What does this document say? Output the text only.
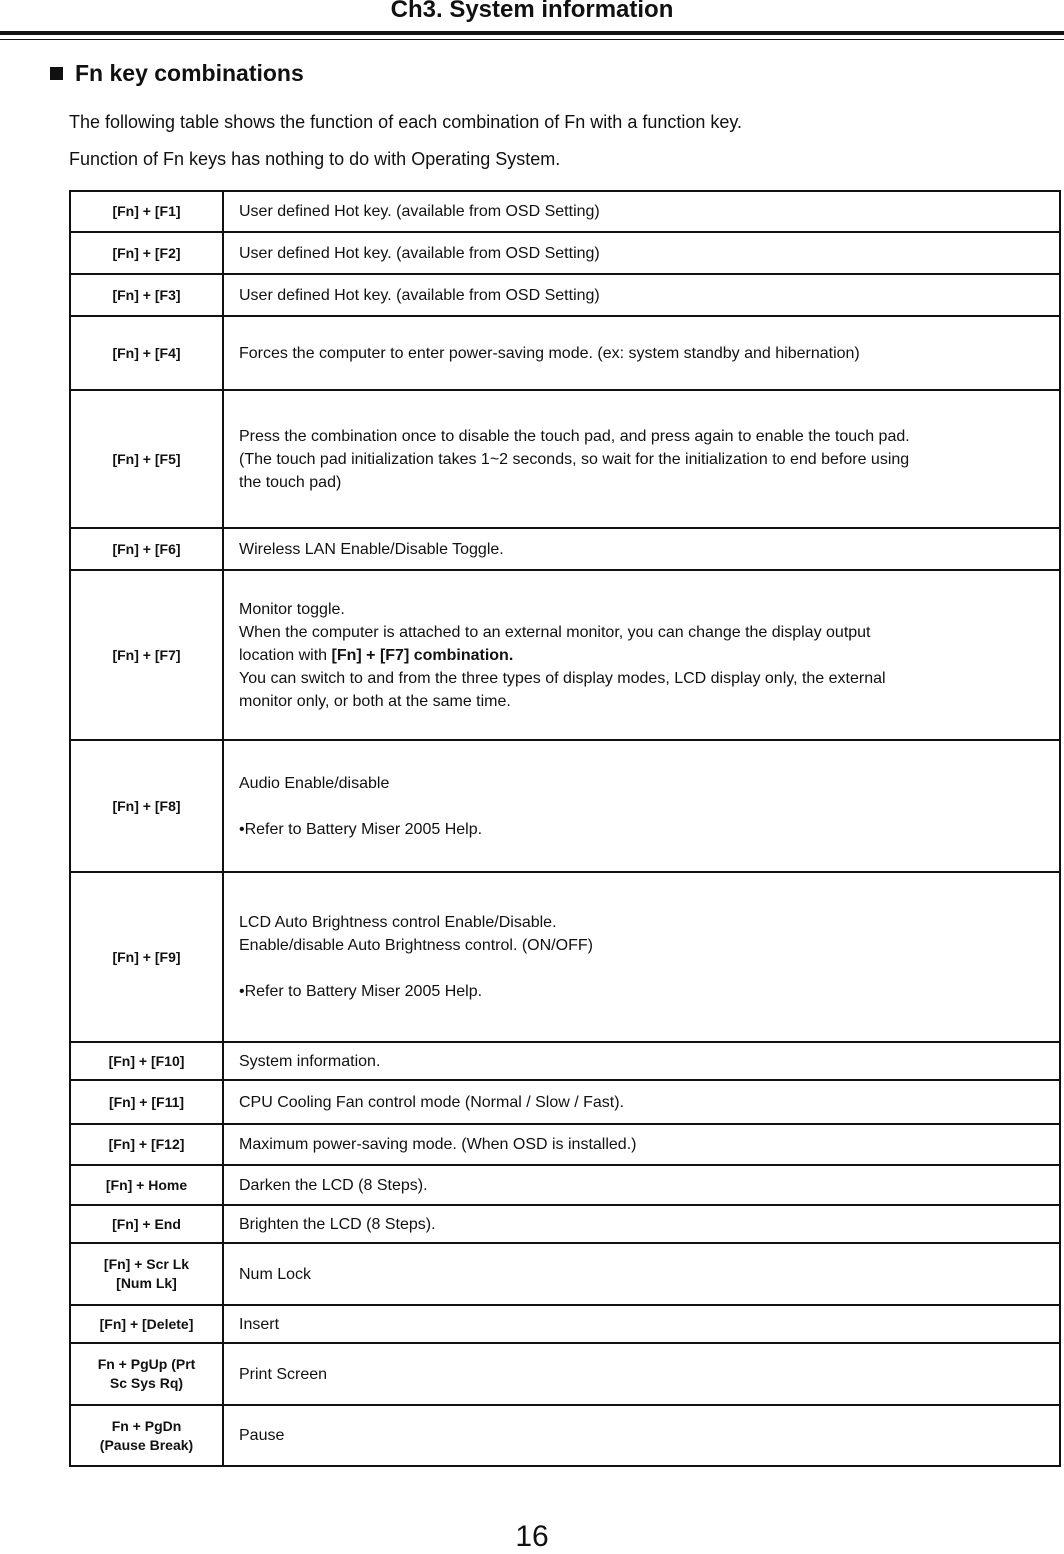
Ch3. System information
Fn key combinations
The following table shows the function of each combination of Fn with a function key.
Function of Fn keys has nothing to do with Operating System.
[Fn] + [F1]	User defined Hot key. (available from OSD Setting)

[Fn] + [F2]	User defined Hot key. (available from OSD Setting)

[Fn] + [F3]	User defined Hot key. (available from OSD Setting)

[Fn] + [F4]	Forces the computer to enter power-saving mode. (ex: system standby and hibernation)

[Fn] + [F5]	Press the combination once to disable the touch pad, and press again to enable the touch pad.
(The touch pad initialization takes 1~2 seconds, so wait for the initialization to end before using
the touch pad)

[Fn] + [F6]	Wireless LAN Enable/Disable Toggle.

[Fn] + [F7]	Monitor toggle.
When the computer is attached to an external monitor, you can change the display output
location with [Fn] + [F7] combination.
You can switch to and from the three types of display modes, LCD display only, the external
monitor only, or both at the same time.

[Fn] + [F8]	Audio Enable/disable
•Refer to Battery Miser 2005 Help.

[Fn] + [F9]	LCD Auto Brightness control Enable/Disable.
Enable/disable Auto Brightness control. (ON/OFF)
•Refer to Battery Miser 2005 Help.

[Fn] + [F10]	System information.

[Fn] + [F11]	CPU Cooling Fan control mode (Normal / Slow / Fast).

[Fn] + [F12]	Maximum power-saving mode. (When OSD is installed.)

[Fn] + Home	Darken the LCD (8 Steps).

[Fn] + End	Brighten the LCD (8 Steps).

[Fn] + Scr Lk
[Num Lk]	Num Lock

[Fn] + [Delete]	Insert

Fn + PgUp (Prt
Sc Sys Rq)	Print Screen

Fn + PgDn
(Pause Break)	Pause
16
